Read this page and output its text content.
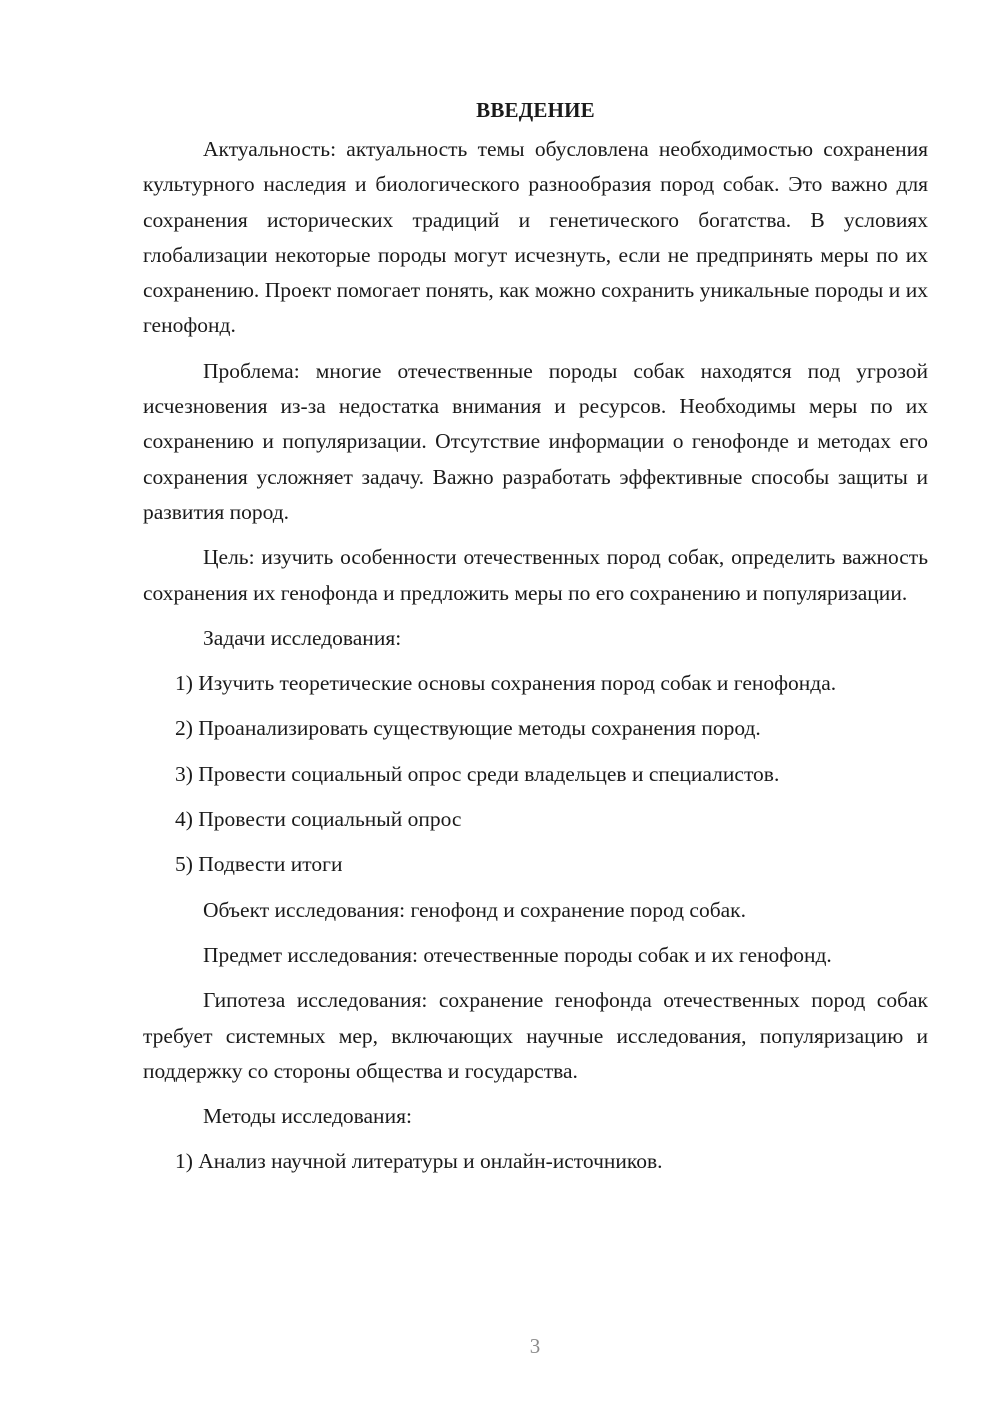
ВВЕДЕНИЕ

Актуальность: актуальность темы обусловлена необходимостью сохранения культурного наследия и биологического разнообразия пород собак. Это важно для сохранения исторических традиций и генетического богатства. В условиях глобализации некоторые породы могут исчезнуть, если не предпринять меры по их сохранению. Проект помогает понять, как можно сохранить уникальные породы и их генофонд.

Проблема: многие отечественные породы собак находятся под угрозой исчезновения из-за недостатка внимания и ресурсов. Необходимы меры по их сохранению и популяризации. Отсутствие информации о генофонде и методах его сохранения усложняет задачу. Важно разработать эффективные способы защиты и развития пород.

Цель: изучить особенности отечественных пород собак, определить важность сохранения их генофонда и предложить меры по его сохранению и популяризации.

Задачи исследования:

1) Изучить теоретические основы сохранения пород собак и генофонда.

2) Проанализировать существующие методы сохранения пород.

3) Провести социальный опрос среди владельцев и специалистов.

4) Провести социальный опрос

5) Подвести итоги

Объект исследования: генофонд и сохранение пород собак.

Предмет исследования: отечественные породы собак и их генофонд.

Гипотеза исследования: сохранение генофонда отечественных пород собак требует системных мер, включающих научные исследования, популяризацию и поддержку со стороны общества и государства.

Методы исследования:

1) Анализ научной литературы и онлайн-источников.

3
